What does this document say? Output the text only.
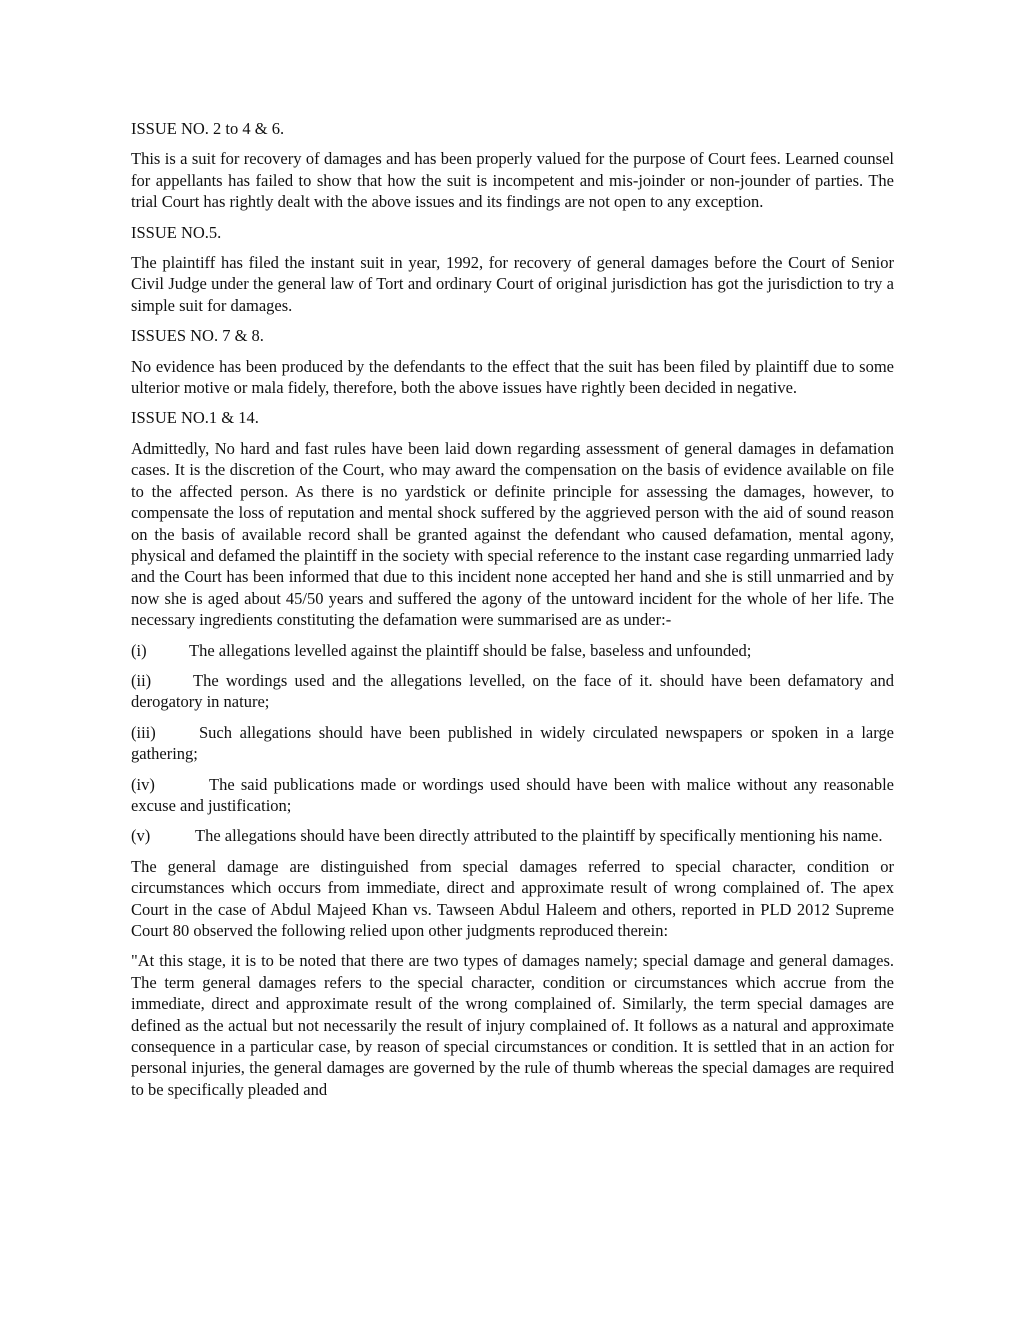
ISSUE NO. 2 to 4 & 6.

This is a suit for recovery of damages and has been properly valued for the purpose of Court fees. Learned counsel for appellants has failed to show that how the suit is incompetent and mis-joinder or non-jounder of parties. The trial Court has rightly dealt with the above issues and its findings are not open to any exception.

ISSUE NO.5.

The plaintiff has filed the instant suit in year, 1992, for recovery of general damages before the Court of Senior Civil Judge under the general law of Tort and ordinary Court of original jurisdiction has got the jurisdiction to try a simple suit for damages.

ISSUES NO. 7 & 8.

No evidence has been produced by the defendants to the effect that the suit has been filed by plaintiff due to some ulterior motive or mala fidely, therefore, both the above issues have rightly been decided in negative.

ISSUE NO.1 & 14.

Admittedly, No hard and fast rules have been laid down regarding assessment of general damages in defamation cases. It is the discretion of the Court, who may award the compensation on the basis of evidence available on file to the affected person. As there is no yardstick or definite principle for assessing the damages, however, to compensate the loss of reputation and mental shock suffered by the aggrieved person with the aid of sound reason on the basis of available record shall be granted against the defendant who caused defamation, mental agony, physical and defamed the plaintiff in the society with special reference to the instant case regarding unmarried lady and the Court has been informed that due to this incident none accepted her hand and she is still unmarried and by now she is aged about 45/50 years and suffered the agony of the untoward incident for the whole of her life. The necessary ingredients constituting the defamation were summarised are as under:-

(i)	The allegations levelled against the plaintiff should be false, baseless and unfounded;

(ii)	The wordings used and the allegations levelled, on the face of it. should have been defamatory and derogatory in nature;

(iii)	Such allegations should have been published in widely circulated newspapers or spoken in a large gathering;

(iv)	The said publications made or wordings used should have been with malice without any reasonable excuse and justification;

(v)	The allegations should have been directly attributed to the plaintiff by specifically mentioning his name.

The general damage are distinguished from special damages referred to special character, condition or circumstances which occurs from immediate, direct and approximate result of wrong complained of. The apex Court in the case of Abdul Majeed Khan vs. Tawseen Abdul Haleem and others, reported in PLD 2012 Supreme Court 80 observed the following relied upon other judgments reproduced therein:

"At this stage, it is to be noted that there are two types of damages namely; special damage and general damages. The term general damages refers to the special character, condition or circumstances which accrue from the immediate, direct and approximate result of the wrong complained of. Similarly, the term special damages are defined as the actual but not necessarily the result of injury complained of. It follows as a natural and approximate consequence in a particular case, by reason of special circumstances or condition. It is settled that in an action for personal injuries, the general damages are governed by the rule of thumb whereas the special damages are required to be specifically pleaded and
